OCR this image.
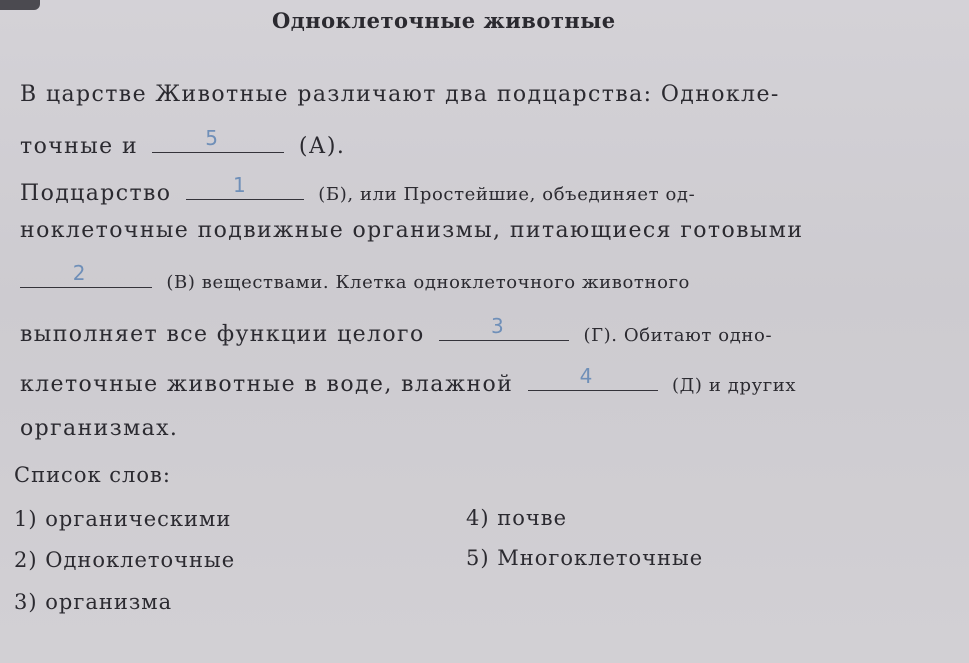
Одноклеточные животные
В царстве Животные различают два подцарства: Однокле-
точные и	5	(А).
Подцарство	1	(Б), или Простейшие, объединяет од-
ноклеточные подвижные организмы, питающиеся готовыми
2	(В) веществами. Клетка одноклеточного животного
выполняет все функции целого	3	(Г). Обитают одно-
клеточные животные в воде, влажной	4	(Д) и других
организмах.
Список слов:
1) органическими
2) Одноклеточные
3) организма
4) почве
5) Многоклеточные
